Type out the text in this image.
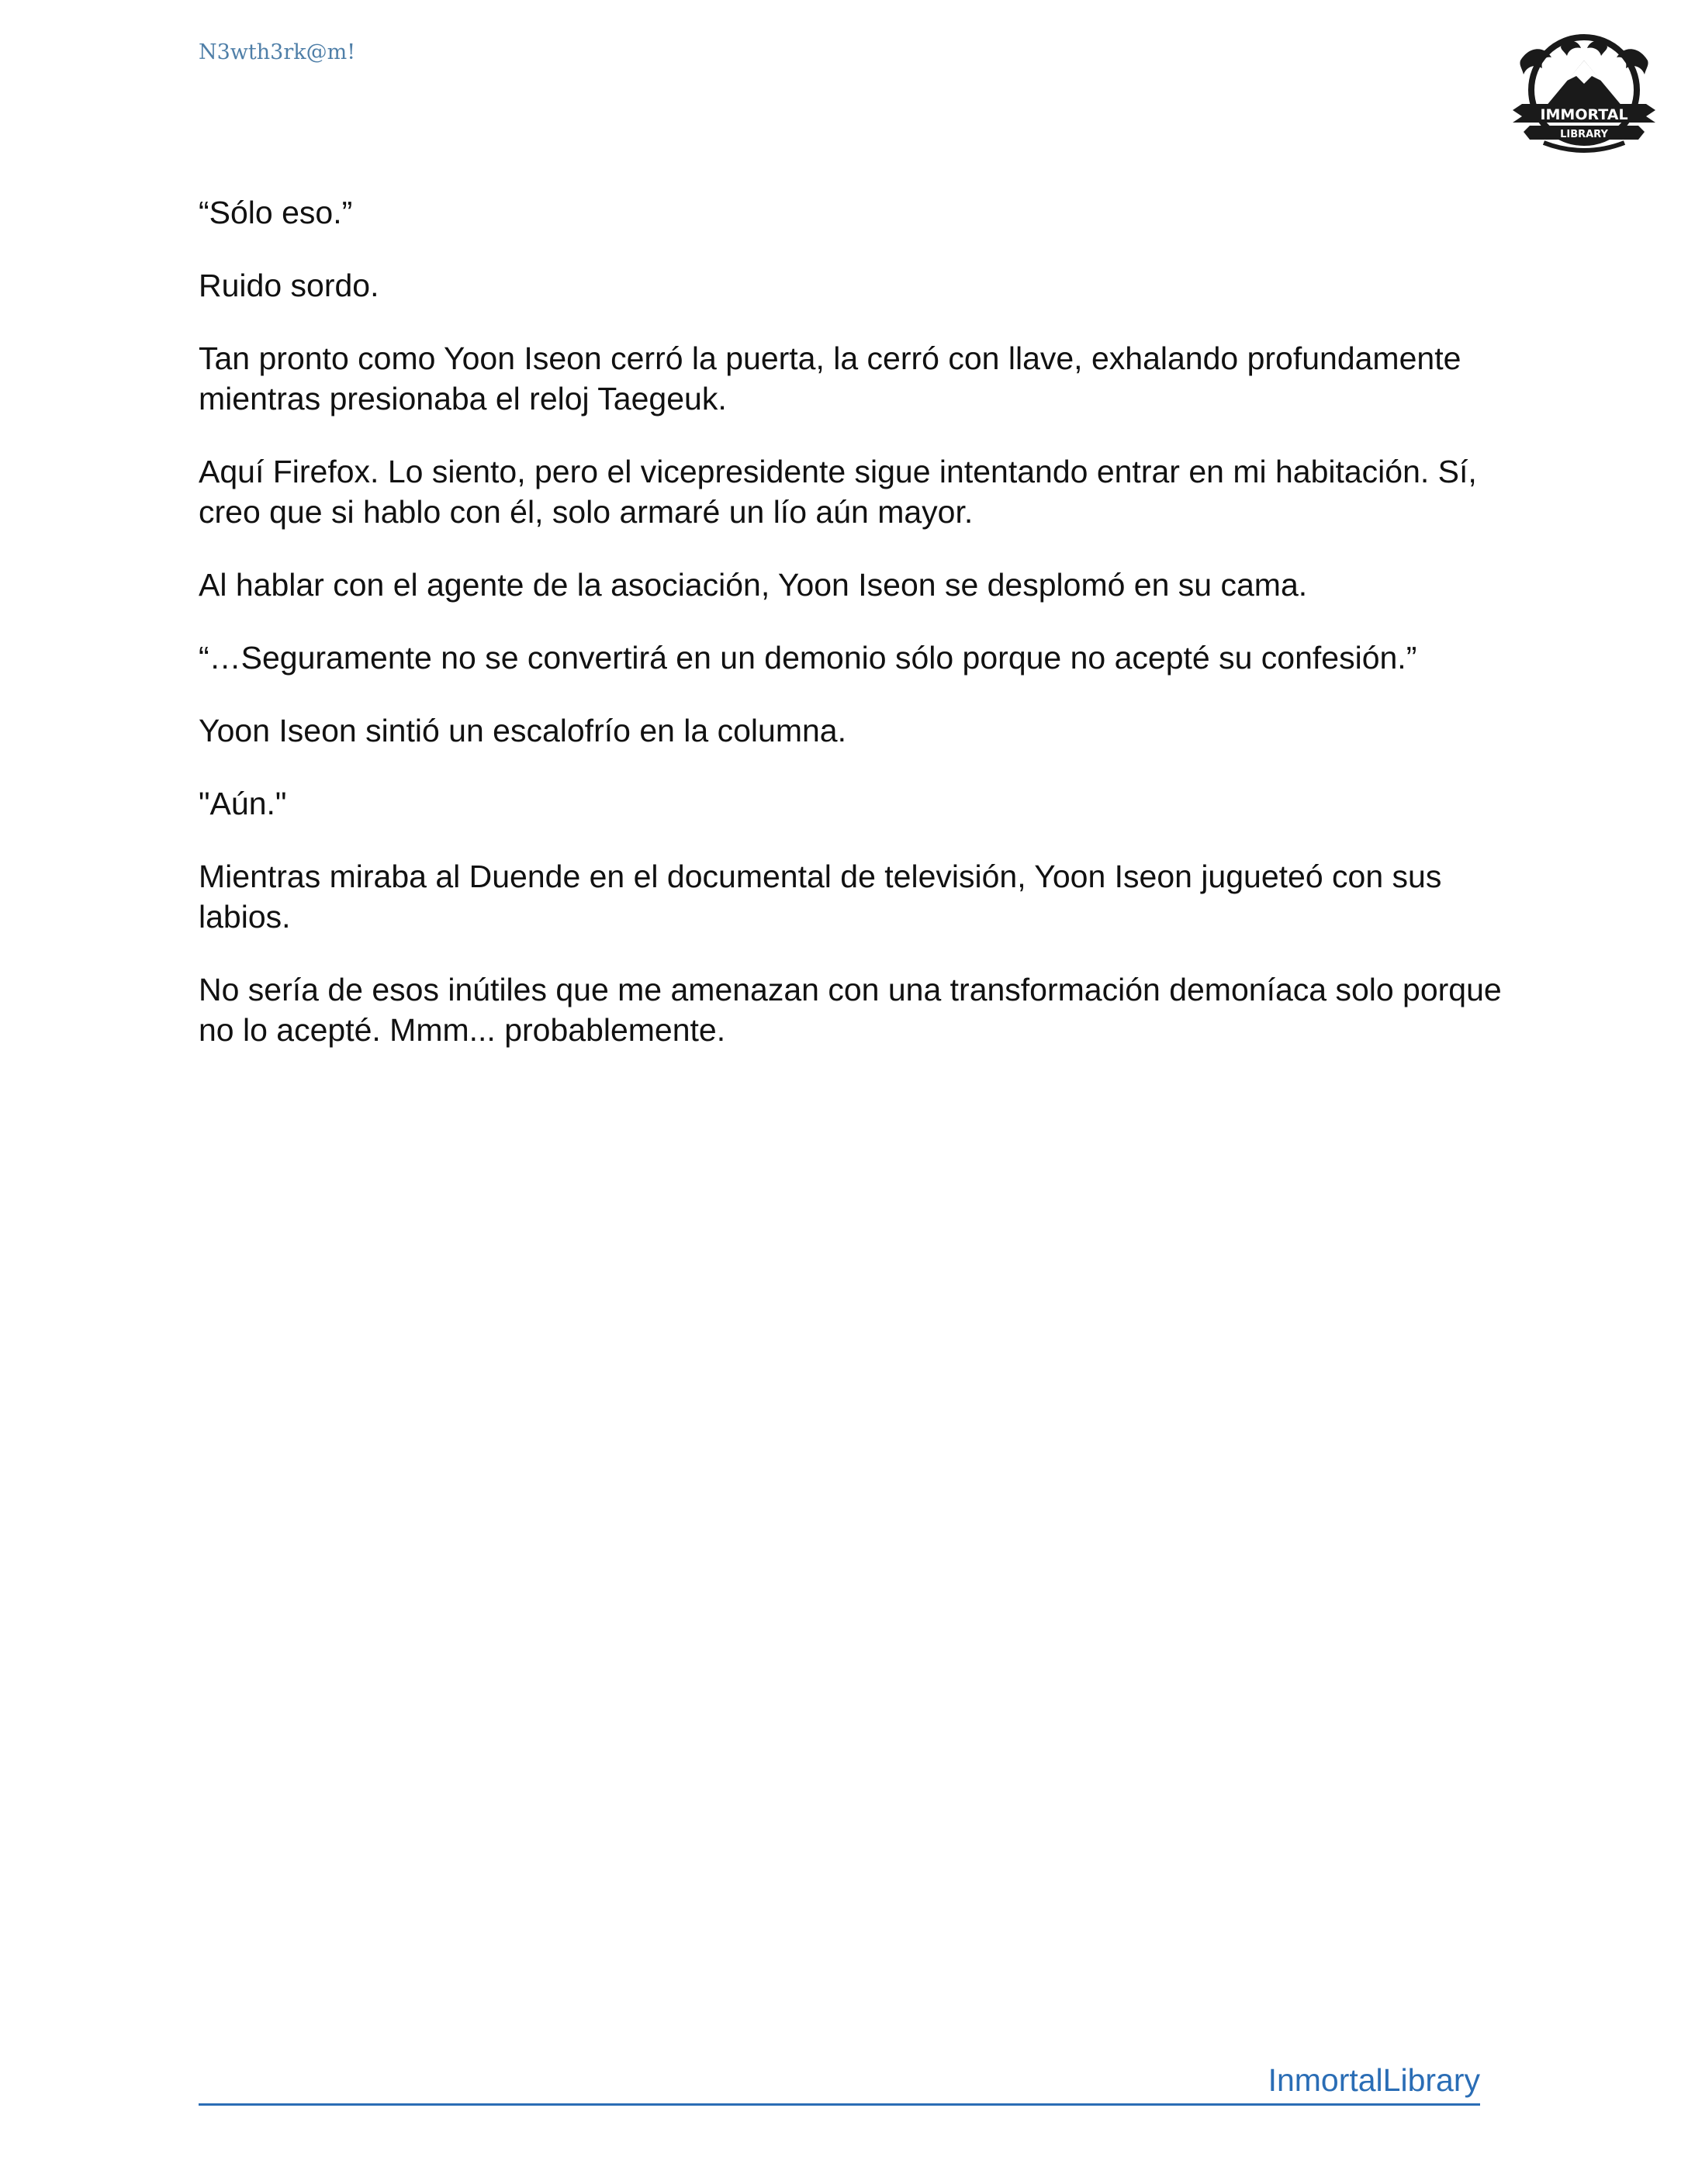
N3wth3rk@m!
IMMORTAL
LIBRARY

“Sólo eso.”

Ruido sordo.

Tan pronto como Yoon Iseon cerró la puerta, la cerró con llave, exhalando profundamente mientras presionaba el reloj Taegeuk.

Aquí Firefox. Lo siento, pero el vicepresidente sigue intentando entrar en mi habitación. Sí, creo que si hablo con él, solo armaré un lío aún mayor.

Al hablar con el agente de la asociación, Yoon Iseon se desplomó en su cama.

“…Seguramente no se convertirá en un demonio sólo porque no acepté su confesión.”

Yoon Iseon sintió un escalofrío en la columna.

"Aún."

Mientras miraba al Duende en el documental de televisión, Yoon Iseon jugueteó con sus labios.

No sería de esos inútiles que me amenazan con una transformación demoníaca solo porque no lo acepté. Mmm... probablemente.

InmortalLibrary
